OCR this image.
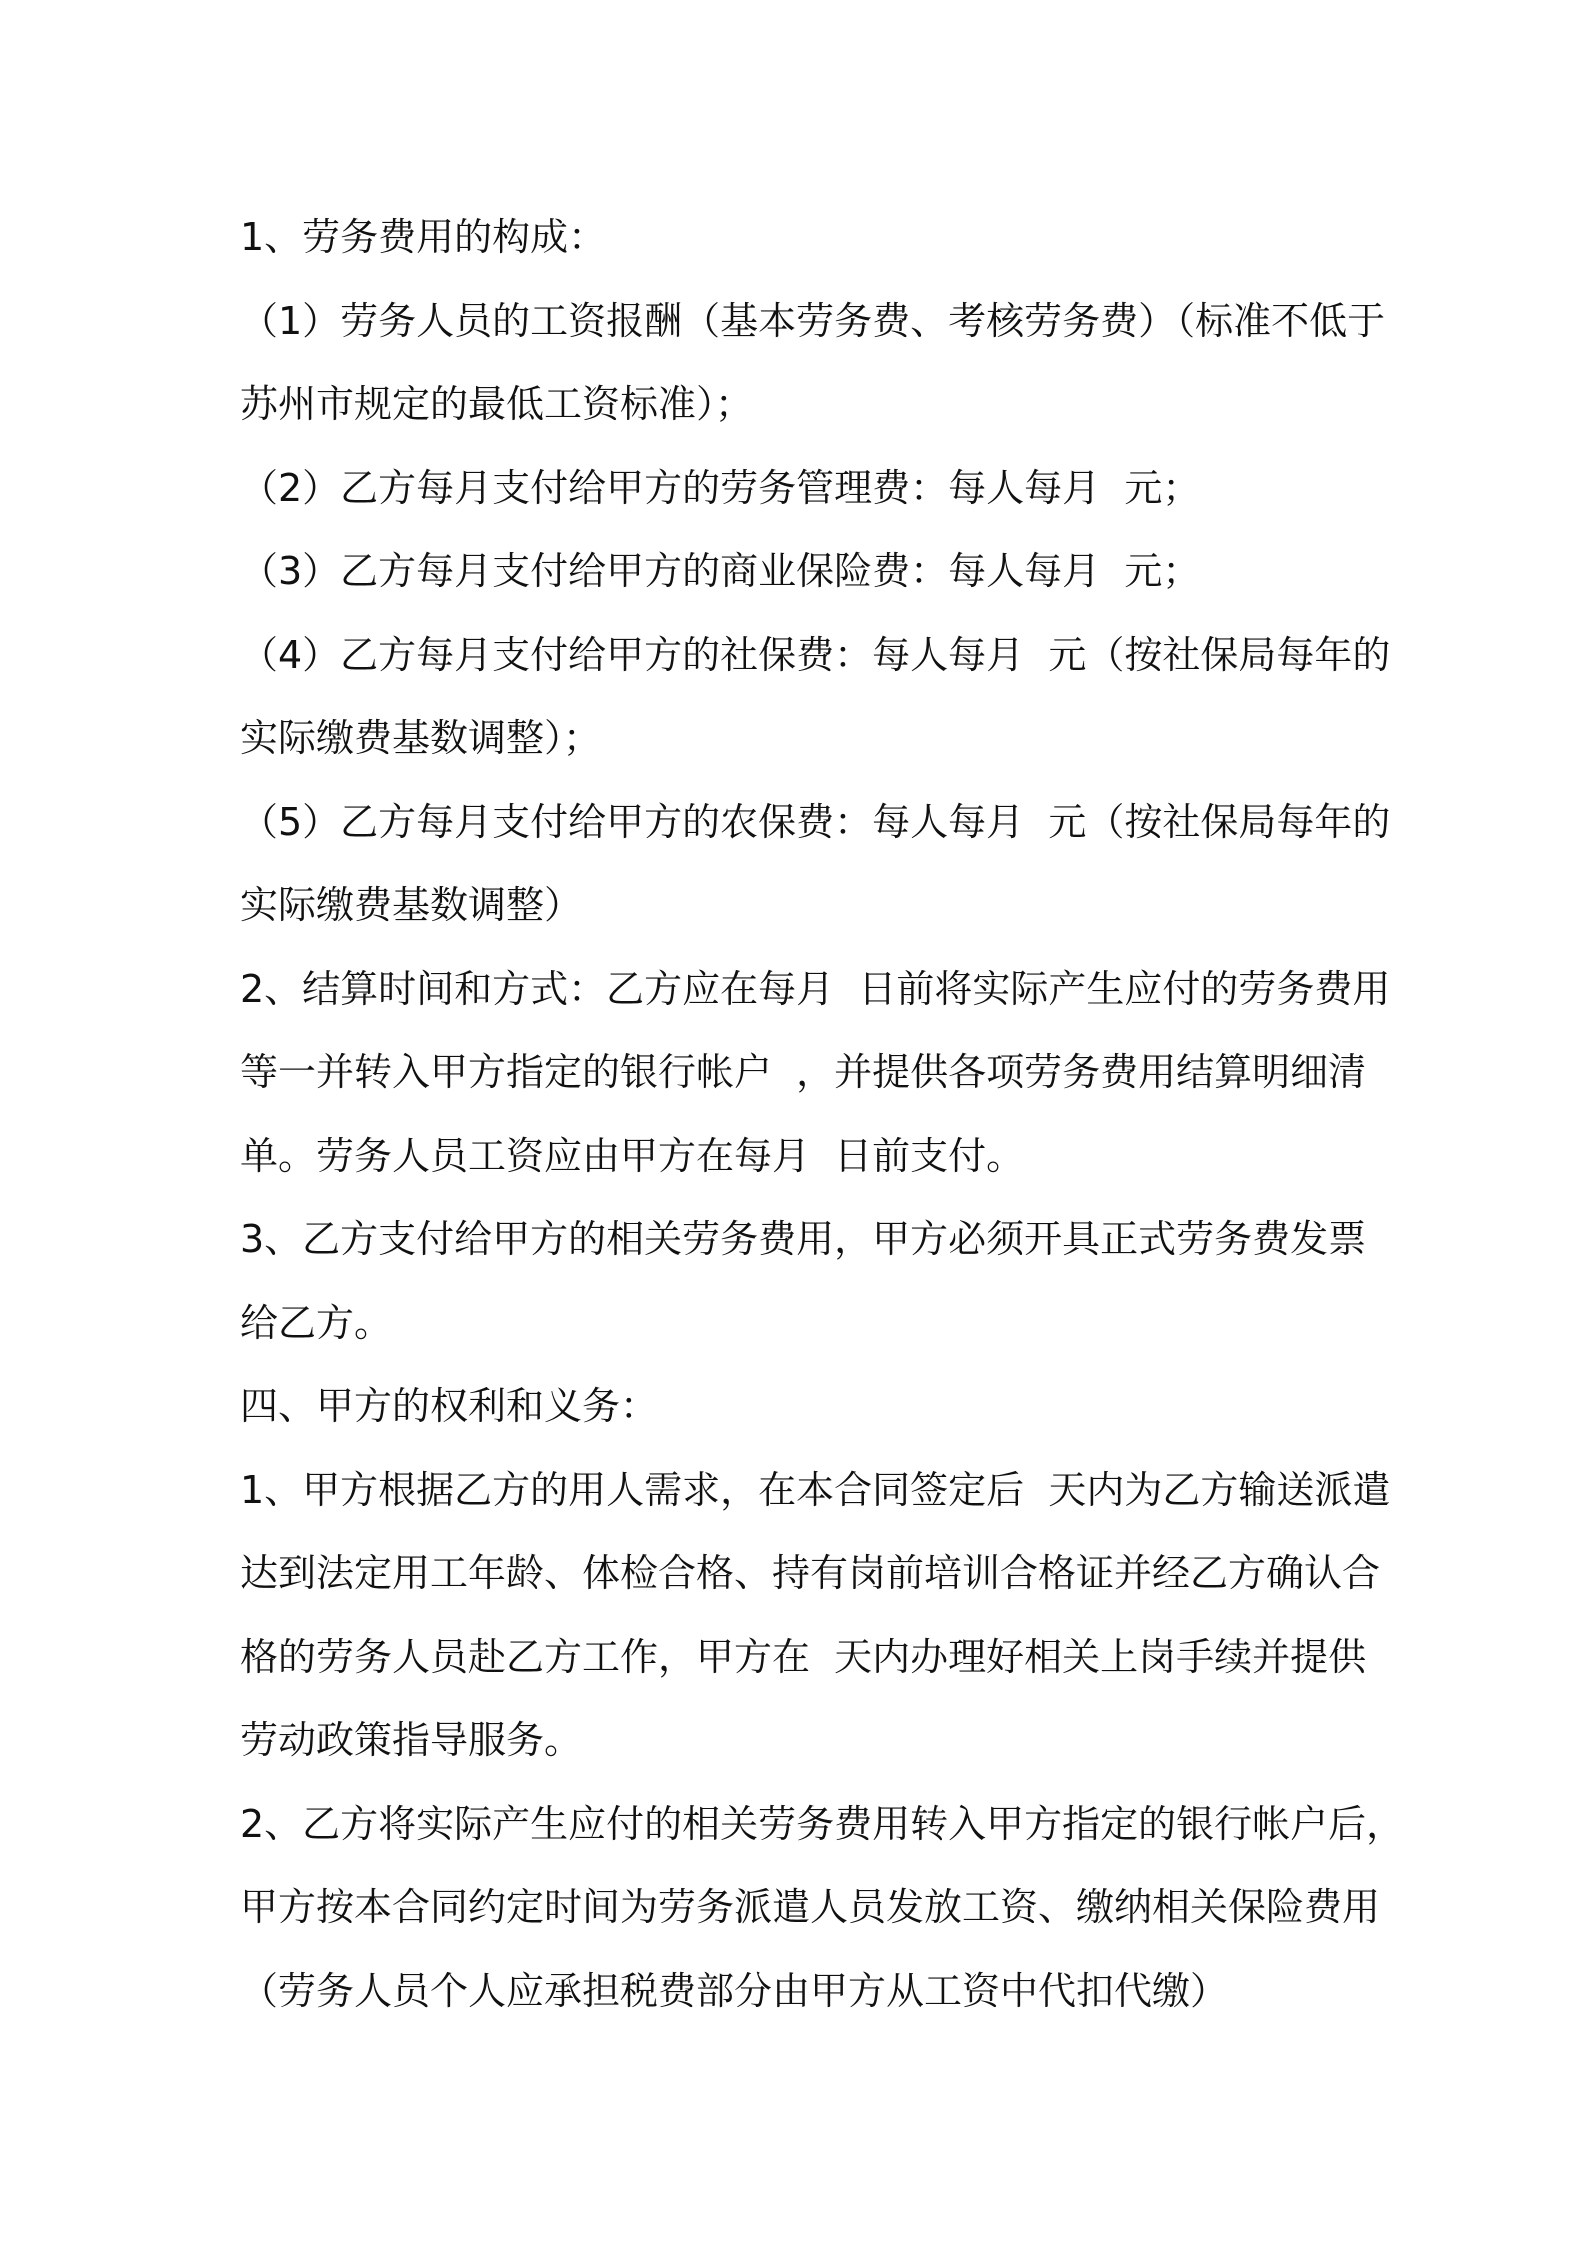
1、劳务费用的构成：
（1）劳务人员的工资报酬（基本劳务费、考核劳务费）（标准不低于
苏州市规定的最低工资标准）；
（2）乙方每月支付给甲方的劳务管理费：每人每月  元；
（3）乙方每月支付给甲方的商业保险费：每人每月  元；
（4）乙方每月支付给甲方的社保费：每人每月  元（按社保局每年的
实际缴费基数调整）；
（5）乙方每月支付给甲方的农保费：每人每月  元（按社保局每年的
实际缴费基数调整）
2、结算时间和方式：乙方应在每月  日前将实际产生应付的劳务费用
等一并转入甲方指定的银行帐户  ，并提供各项劳务费用结算明细清
单。劳务人员工资应由甲方在每月  日前支付。
3、乙方支付给甲方的相关劳务费用，甲方必须开具正式劳务费发票
给乙方。
四、甲方的权利和义务：
1、甲方根据乙方的用人需求，在本合同签定后  天内为乙方输送派遣
达到法定用工年龄、体检合格、持有岗前培训合格证并经乙方确认合
格的劳务人员赴乙方工作，甲方在  天内办理好相关上岗手续并提供
劳动政策指导服务。
2、乙方将实际产生应付的相关劳务费用转入甲方指定的银行帐户后，
甲方按本合同约定时间为劳务派遣人员发放工资、缴纳相关保险费用
（劳务人员个人应承担税费部分由甲方从工资中代扣代缴）
